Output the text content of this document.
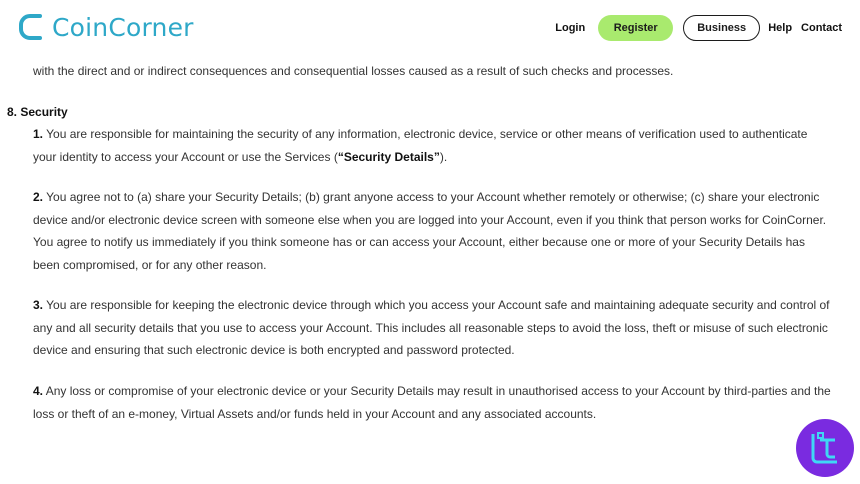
CoinCorner	Login	Register	Business	Help Contact
with the direct and or indirect consequences and consequential losses caused as a result of such checks and processes.
8. Security

1. You are responsible for maintaining the security of any information, electronic device, service or other means of verification used to authenticate your identity to access your Account or use the Services (“Security Details”).

2. You agree not to (a) share your Security Details; (b) grant anyone access to your Account whether remotely or otherwise; (c) share your electronic device and/or electronic device screen with someone else when you are logged into your Account, even if you think that person works for CoinCorner. You agree to notify us immediately if you think someone has or can access your Account, either because one or more of your Security Details has been compromised, or for any other reason.

3. You are responsible for keeping the electronic device through which you access your Account safe and maintaining adequate security and control of any and all security details that you use to access your Account. This includes all reasonable steps to avoid the loss, theft or misuse of such electronic device and ensuring that such electronic device is both encrypted and password protected.

4. Any loss or compromise of your electronic device or your Security Details may result in unauthorised access to your Account by third-parties and the loss or theft of an e-money, Virtual Assets and/or funds held in your Account and any associated accounts.
